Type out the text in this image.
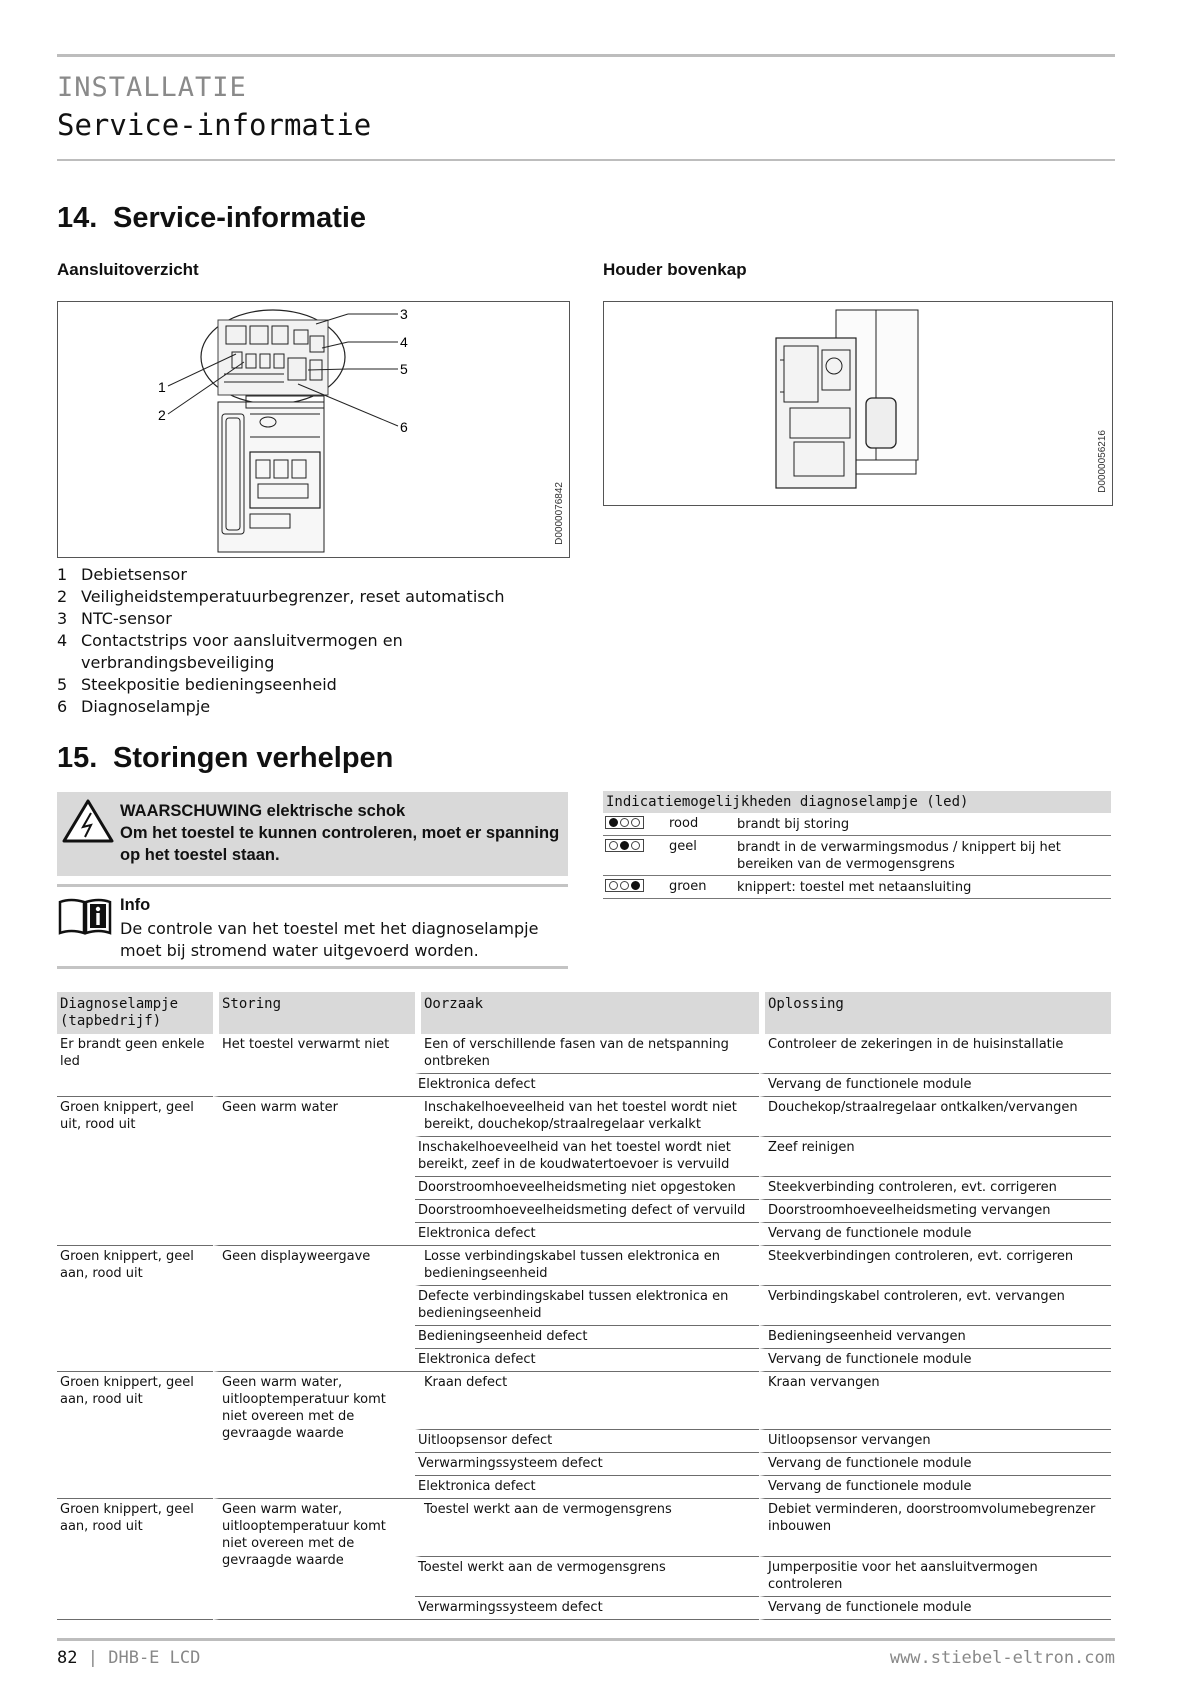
INSTALLATIE
Service-informatie
14. Service-informatie
Aansluitoverzicht	Houder bovenkap
3
4
5
6
1
2
D0000076842
D0000056216
1 Debietsensor
2 Veiligheidstemperatuurbegrenzer, reset automatisch
3 NTC-sensor
4 Contactstrips voor aansluitvermogen en verbrandingsbeveiliging
5 Steekpositie bedieningseenheid
6 Diagnoselampje
15. Storingen verhelpen
WAARSCHUWING elektrische schok
Om het toestel te kunnen controleren, moet er spanning op het toestel staan.
Info
De controle van het toestel met het diagnoselampje moet bij stromend water uitgevoerd worden.
Indicatiemogelijkheden diagnoselampje (led)
rood	brandt bij storing
geel	brandt in de verwarmingsmodus / knippert bij het bereiken van de vermogensgrens
groen	knippert: toestel met netaansluiting
Diagnoselampje (tapbedrijf)	Storing	Oorzaak	Oplossing
Er brandt geen enkele led	Het toestel verwarmt niet	Een of verschillende fasen van de netspanning ontbreken	Controleer de zekeringen in de huisinstallatie
		Elektronica defect	Vervang de functionele module
Groen knippert, geel uit, rood uit	Geen warm water	Inschakelhoeveelheid van het toestel wordt niet bereikt, douchekop/straalregelaar verkalkt	Douchekop/straalregelaar ontkalken/vervangen
		Inschakelhoeveelheid van het toestel wordt niet bereikt, zeef in de koudwatertoevoer is vervuild	Zeef reinigen
		Doorstroomhoeveelheidsmeting niet opgestoken	Steekverbinding controleren, evt. corrigeren
		Doorstroomhoeveelheidsmeting defect of vervuild	Doorstroomhoeveelheidsmeting vervangen
		Elektronica defect	Vervang de functionele module
Groen knippert, geel aan, rood uit	Geen displayweergave	Losse verbindingskabel tussen elektronica en bedieningseenheid	Steekverbindingen controleren, evt. corrigeren
		Defecte verbindingskabel tussen elektronica en bedieningseenheid	Verbindingskabel controleren, evt. vervangen
		Bedieningseenheid defect	Bedieningseenheid vervangen
		Elektronica defect	Vervang de functionele module
Groen knippert, geel aan, rood uit	Geen warm water, uitlooptemperatuur komt niet overeen met de gevraagde waarde	Kraan defect	Kraan vervangen
		Uitloopsensor defect	Uitloopsensor vervangen
		Verwarmingssysteem defect	Vervang de functionele module
		Elektronica defect	Vervang de functionele module
Groen knippert, geel aan, rood uit	Geen warm water, uitlooptemperatuur komt niet overeen met de gevraagde waarde	Toestel werkt aan de vermogensgrens	Debiet verminderen, doorstroomvolumebegrenzer inbouwen
		Toestel werkt aan de vermogensgrens	Jumperpositie voor het aansluitvermogen controleren
		Verwarmingssysteem defect	Vervang de functionele module
82 | DHB-E LCD	www.stiebel-eltron.com
